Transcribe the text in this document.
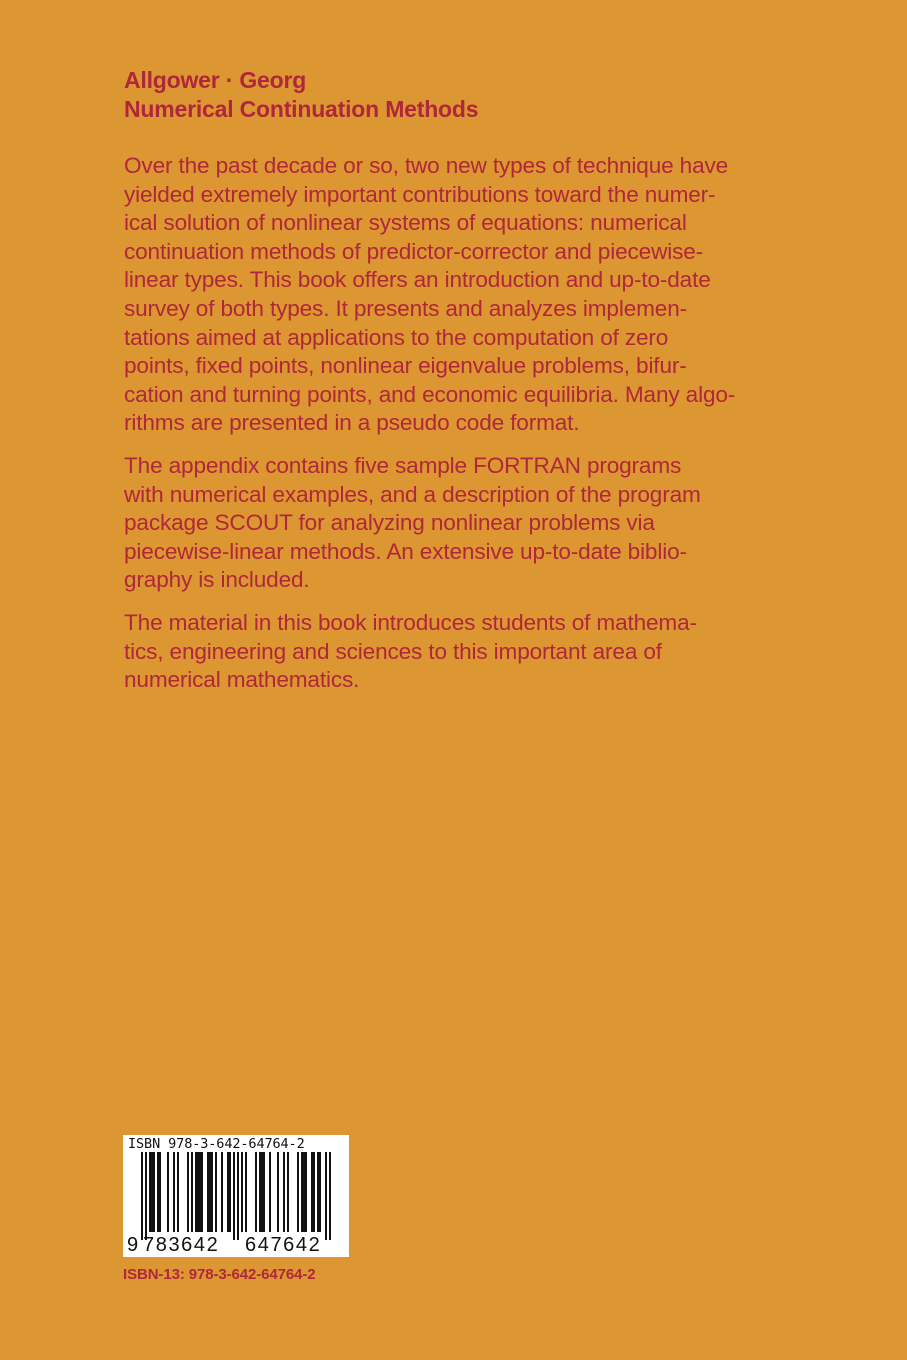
Allgower · Georg
Numerical Continuation Methods
Over the past decade or so, two new types of technique have
yielded extremely important contributions toward the numer-
ical solution of nonlinear systems of equations: numerical
continuation methods of predictor-corrector and piecewise-
linear types. This book offers an introduction and up-to-date
survey of both types. It presents and analyzes implemen-
tations aimed at applications to the computation of zero
points, fixed points, nonlinear eigenvalue problems, bifur-
cation and turning points, and economic equilibria. Many algo-
rithms are presented in a pseudo code format.
The appendix contains five sample FORTRAN programs
with numerical examples, and a description of the program
package SCOUT for analyzing nonlinear problems via
piecewise-linear methods. An extensive up-to-date biblio-
graphy is included.
The material in this book introduces students of mathema-
tics, engineering and sciences to this important area of
numerical mathematics.
ISBN 978-3-642-64764-2
9 783642 647642
ISBN-13: 978-3-642-64764-2
